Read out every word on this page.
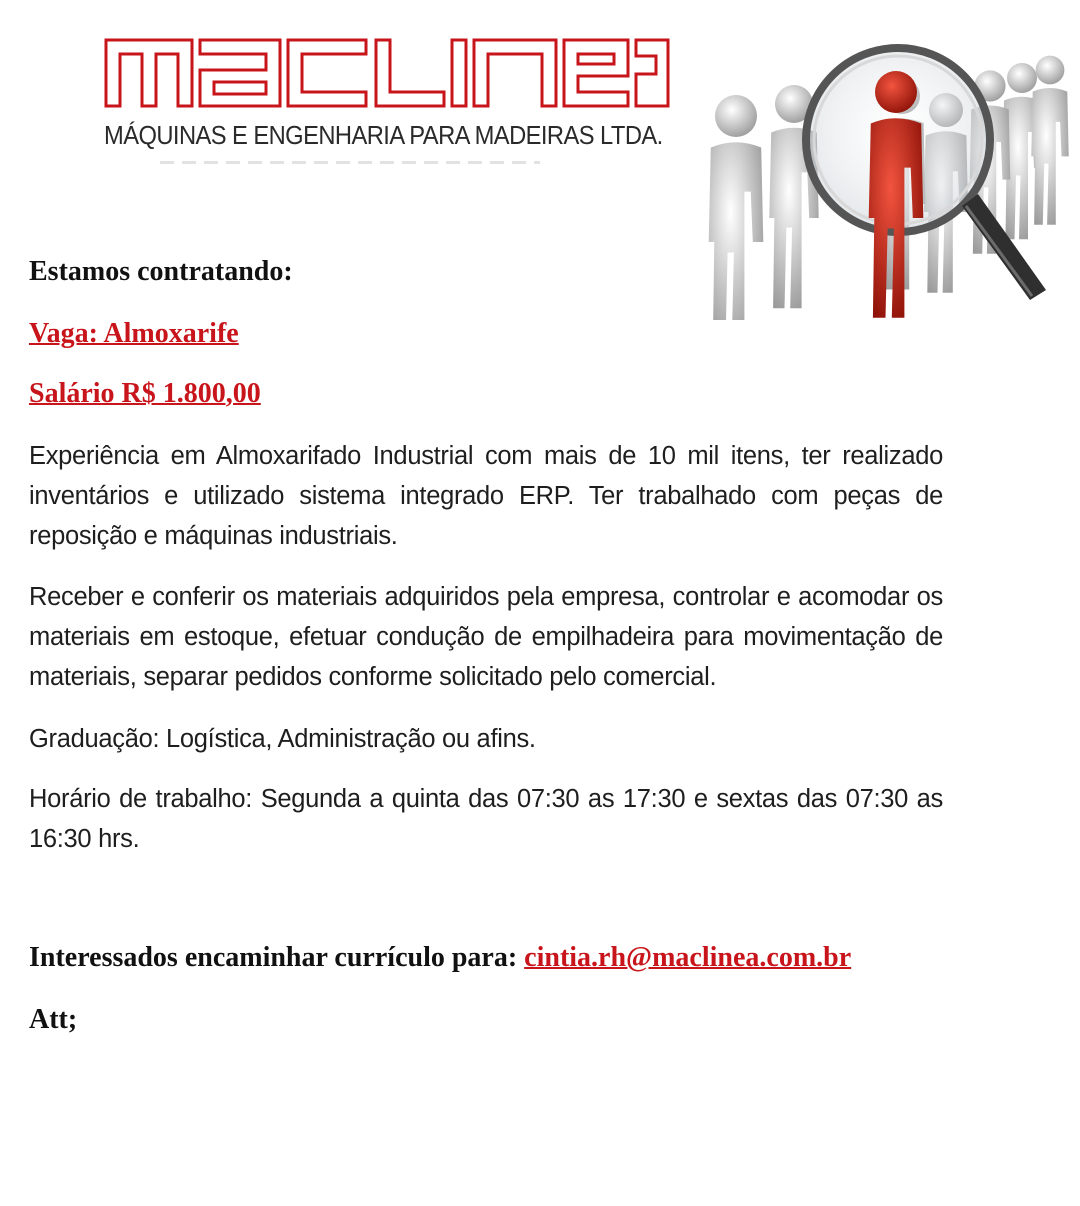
MÁQUINAS E ENGENHARIA PARA MADEIRAS LTDA.
Estamos contratando:
Vaga: Almoxarife
Salário R$ 1.800,00
Experiência em Almoxarifado Industrial com mais de 10 mil itens, ter realizado inventários e utilizado sistema integrado ERP. Ter trabalhado com peças de reposição e máquinas industriais.
Receber e conferir os materiais adquiridos pela empresa, controlar e acomodar os materiais em estoque, efetuar condução de empilhadeira para movimentação de materiais, separar pedidos conforme solicitado pelo comercial.
Graduação: Logística, Administração ou afins.
Horário de trabalho: Segunda a quinta das 07:30 as 17:30 e sextas das 07:30 as 16:30 hrs.
Interessados encaminhar currículo para: cintia.rh@maclinea.com.br
Att;
